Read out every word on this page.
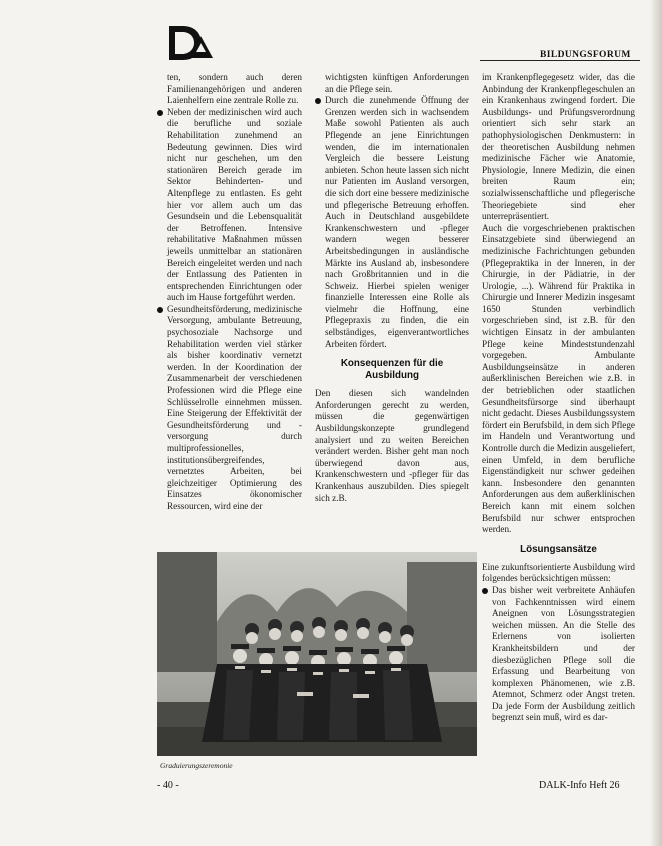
BILDUNGSFORUM

ten, sondern auch deren Familienangehörigen und anderen Laienhelfern eine zentrale Rolle zu.

Neben der medizinischen wird auch die berufliche und soziale Rehabilitation zunehmend an Bedeutung gewinnen. Dies wird nicht nur geschehen, um den stationären Bereich gerade im Sektor Behinderten- und Altenpflege zu entlasten. Es geht hier vor allem auch um das Gesundsein und die Lebensqualität der Betroffenen. Intensive rehabilitative Maßnahmen müssen jeweils unmittelbar an stationären Bereich eingeleitet werden und nach der Entlassung des Patienten in entsprechenden Einrichtungen oder auch im Hause fortgeführt werden.
Gesundheitsförderung, medizinische Versorgung, ambulante Betreuung, psychosoziale Nachsorge und Rehabilitation werden viel stärker als bisher koordinativ vernetzt werden. In der Koordination der Zusammenarbeit der verschiedenen Professionen wird die Pflege eine Schlüsselrolle einnehmen müssen. Eine Steigerung der Effektivität der Gesundheitsförderung und -versorgung durch multiprofessionelles, institutionsübergreifendes, vernetztes Arbeiten, bei gleichzeitiger Optimierung des Einsatzes ökonomischer Ressourcen, wird eine der

wichtigsten künftigen Anforderungen an die Pflege sein.

Durch die zunehmende Öffnung der Grenzen werden sich in wachsendem Maße sowohl Patienten als auch Pflegende an jene Einrichtungen wenden, die im internationalen Vergleich die bessere Leistung anbieten. Schon heute lassen sich nicht nur Patienten im Ausland versorgen, die sich dort eine bessere medizinische und pflegerische Betreuung erhoffen. Auch in Deutschland ausgebildete Krankenschwestern und -pfleger wandern wegen besserer Arbeitsbedingungen in ausländische Märkte ins Ausland ab, insbesondere nach Großbritannien und in die Schweiz. Hierbei spielen weniger finanzielle Interessen eine Rolle als vielmehr die Hoffnung, eine Pflegepraxis zu finden, die ein selbständiges, eigenverantwortliches Arbeiten fördert.
Konsequenzen für die Ausbildung

Den diesen sich wandelnden Anforderungen gerecht zu werden, müssen die gegenwärtigen Ausbildungskonzepte grundlegend analysiert und zu weiten Bereichen verändert werden. Bisher geht man noch überwiegend davon aus, Krankenschwestern und -pfleger für das Krankenhaus auszubilden. Dies spiegelt sich z.B.

im Krankenpflegegesetz wider, das die Anbindung der Krankenpflegeschulen an ein Krankenhaus zwingend fordert. Die Ausbildungs- und Prüfungsverordnung orientiert sich sehr stark an pathophysiologischen Denkmustern: in der theoretischen Ausbildung nehmen medizinische Fächer wie Anatomie, Physiologie, Innere Medizin, die einen breiten Raum ein; sozialwissenschaftliche und pflegerische Theoriegebiete sind eher unterrepräsentiert.

Auch die vorgeschriebenen praktischen Einsatzgebiete sind überwiegend an medizinische Fachrichtungen gebunden (Pflegepraktika in der Inneren, in der Chirurgie, in der Pädiatrie, in der Urologie, ...). Während für Praktika in Chirurgie und Innerer Medizin insgesamt 1650 Stunden verbindlich vorgeschrieben sind, ist z.B. für den wichtigen Einsatz in der ambulanten Pflege keine Mindeststundenzahl vorgegeben. Ambulante Ausbildungseinsätze in anderen außerklinischen Bereichen wie z.B. in der betrieblichen oder staatlichen Gesundheitsfürsorge sind überhaupt nicht gedacht. Dieses Ausbildungssystem fördert ein Berufsbild, in dem sich Pflege im Handeln und Verantwortung und Kontrolle durch die Medizin ausgeliefert, einen Umfeld, in dem berufliche Eigenständigkeit nur schwer gedeihen kann. Insbesondere den genannten Anforderungen aus dem außerklinischen Bereich kann mit einem solchen Berufsbild nur schwer entsprochen werden.

Lösungsansätze

Eine zukunftsorientierte Ausbildung wird folgendes berücksichtigen müssen:

Das bisher weit verbreitete Anhäufen von Fachkenntnissen wird einem Aneignen von Lösungsstrategien weichen müssen. An die Stelle des Erlernens von isolierten Krankheitsbildern und der diesbezüglichen Pflege soll die Erfassung und Bearbeitung von komplexen Phänomenen, wie z.B. Atemnot, Schmerz oder Angst treten. Da jede Form der Ausbildung zeitlich begrenzt sein muß, wird es dar-
Graduierungszeremonie
- 40 -	DALK-Info Heft 26
